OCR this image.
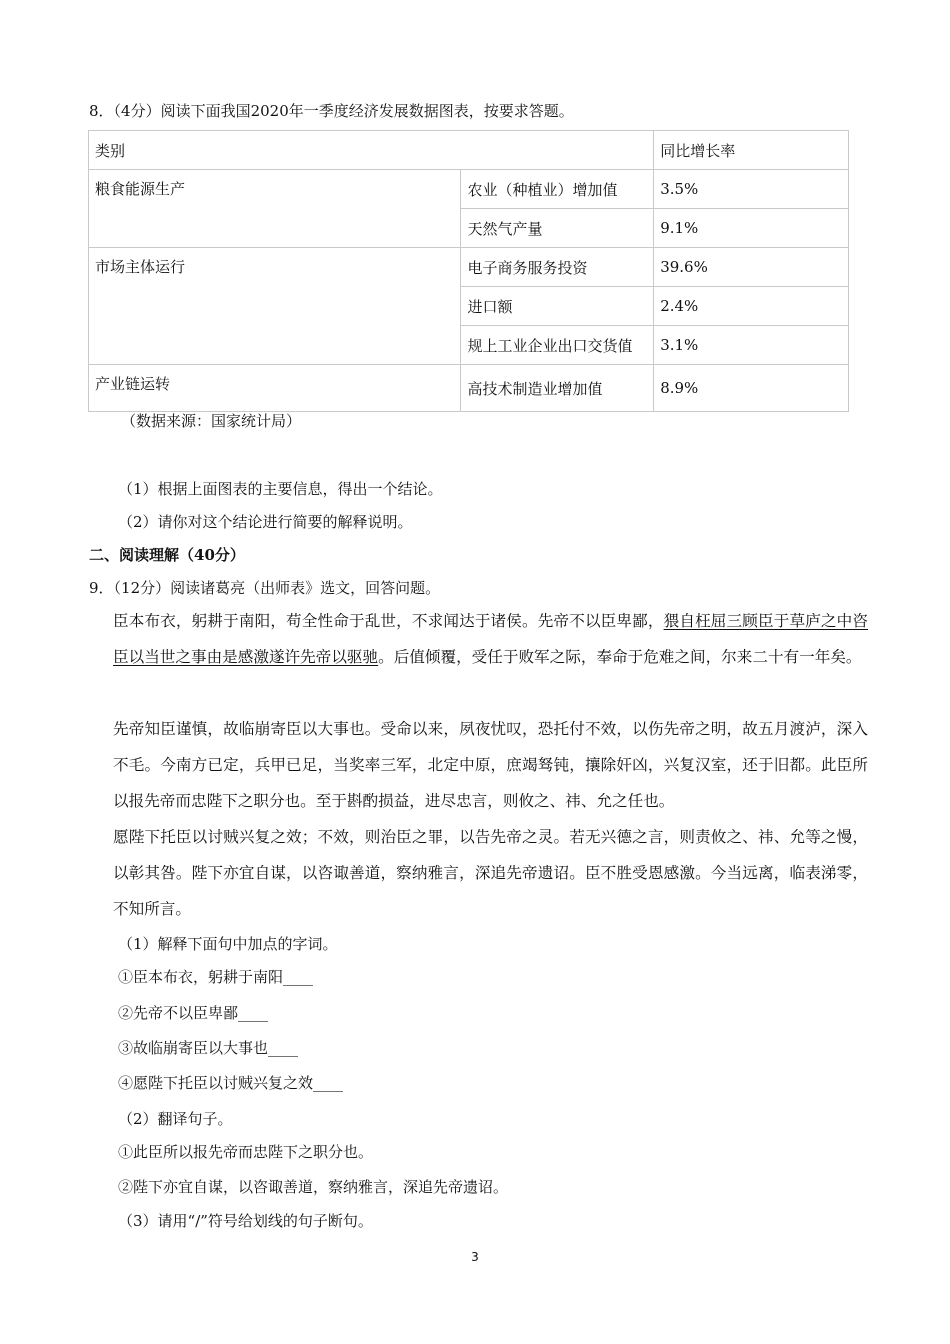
8．（4分）阅读下面我国2020年一季度经济发展数据图表，按要求答题。
类别		同比增长率
粮食能源生产	农业（种植业）增加值	3.5%
	天然气产量	9.1%
市场主体运行	电子商务服务投资	39.6%
	进口额	2.4%
	规上工业企业出口交货值	3.1%
产业链运转	高技术制造业增加值	8.9%
（数据来源：国家统计局）
（1）根据上面图表的主要信息，得出一个结论。
（2）请你对这个结论进行简要的解释说明。
二、阅读理解（40分）
9．（12分）阅读诸葛亮（出师表》选文，回答问题。
臣本布衣，躬耕于南阳，苟全性命于乱世，不求闻达于诸侯。先帝不以臣卑鄙，猥自枉屈三顾臣于草庐之中咨臣以当世之事由是感激遂许先帝以驱驰。后值倾覆，受任于败军之际，奉命于危难之间，尔来二十有一年矣。
先帝知臣谨慎，故临崩寄臣以大事也。受命以来，夙夜忧叹，恐托付不效，以伤先帝之明，故五月渡泸，深入不毛。今南方已定，兵甲已足，当奖率三军，北定中原，庶竭驽钝，攘除奸凶，兴复汉室，还于旧都。此臣所以报先帝而忠陛下之职分也。至于斟酌损益，进尽忠言，则攸之、祎、允之任也。
愿陛下托臣以讨贼兴复之效；不效，则治臣之罪，以告先帝之灵。若无兴德之言，则责攸之、祎、允等之慢，以彰其咎。陛下亦宜自谋，以咨诹善道，察纳雅言，深追先帝遗诏。臣不胜受恩感激。今当远离，临表涕零，不知所言。
（1）解释下面句中加点的字词。
①臣本布衣，躬耕于南阳____
②先帝不以臣卑鄙____
③故临崩寄臣以大事也____
④愿陛下托臣以讨贼兴复之效____
（2）翻译句子。
①此臣所以报先帝而忠陛下之职分也。
②陛下亦宜自谋，以咨诹善道，察纳雅言，深追先帝遗诏。
（3）请用“/”符号给划线的句子断句。
3
